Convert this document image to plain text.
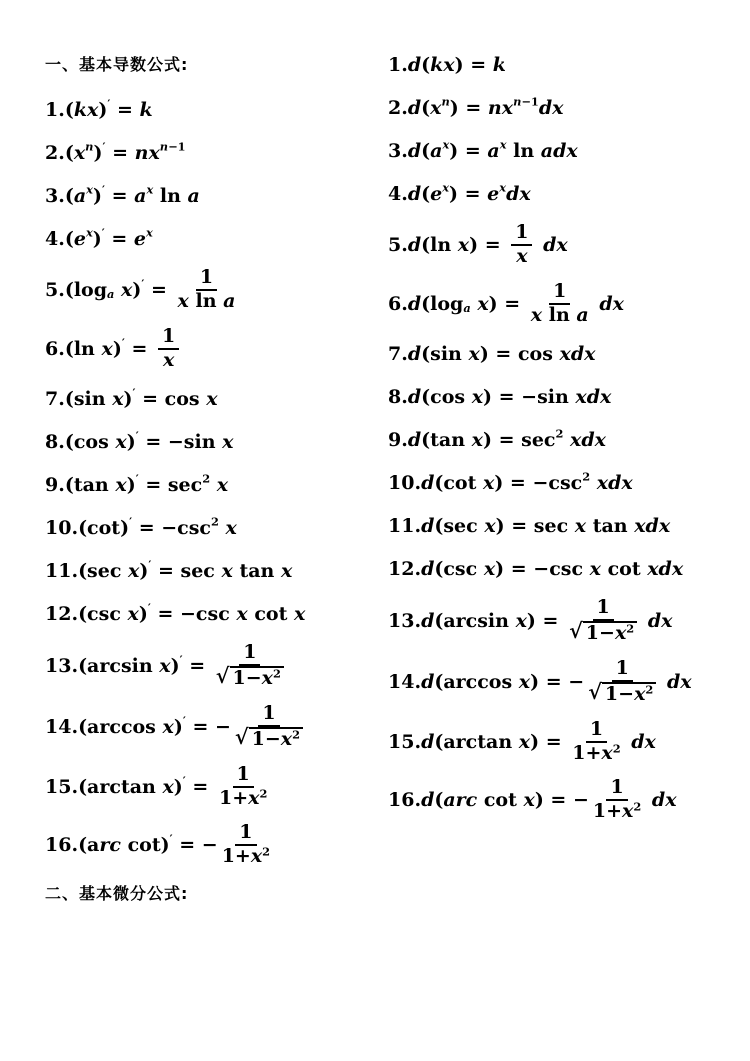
一、基本导数公式:
1. ( kx ) ′ = k
2. ( x n ) ′ = nx n−1
3. ( a x ) ′ = a x ln a
4. ( e x ) ′ = e x
5. (log a
x ) ′ = $\frac{1}{\text{x ln a}}$
6. (ln x ) ′ = $\frac{1}{x}$
7. (sin x ) ′ = cos x
8. (cos x ) ′ = −sin x
9. (tan x ) ′ = sec 2
x
10. (cot) ′ = −csc 2
x
11. (sec x ) ′ = sec x tan x
12. (csc x ) ′ = −csc x cot x
13. (arcsin x ) ′ = $\frac{1}{√ 1-x2}$
14. (arccos x ) ′ = − $\frac{1}{√ 1-x2}$
15. (arctan x ) ′ = $\frac{1}{1+x2}$
16. (a rc cot) ′ = − $\frac{1}{1+x2}$
二、基本微分公式:
1. d ( kx ) = k
2. d ( x n ) = nx n−1 dx
3. d ( a x ) = a x ln adx
4. d ( e x ) = e x dx
5. d (ln x ) = $\frac{1}{x}$
dx
6. d (log a
x ) = $\frac{1}{\text{x ln a}}$
dx
7. d (sin x ) = cos xdx
8. d (cos x ) = −sin xdx
9. d (tan x ) = sec 2
xdx
10. d (cot x ) = −csc 2
xdx
11. d (sec x ) = sec x tan xdx
12. d (csc x ) = −csc x cot xdx
13. d (arcsin x ) = $\frac{1}{√ 1-x2}$
dx
14. d (arccos x ) = − $\frac{1}{√ 1-x2}$
dx
15. d (arctan x ) = $\frac{1}{1+x2}$
dx
16. d ( arc cot x ) = − $\frac{1}{1+x2}$
dx
